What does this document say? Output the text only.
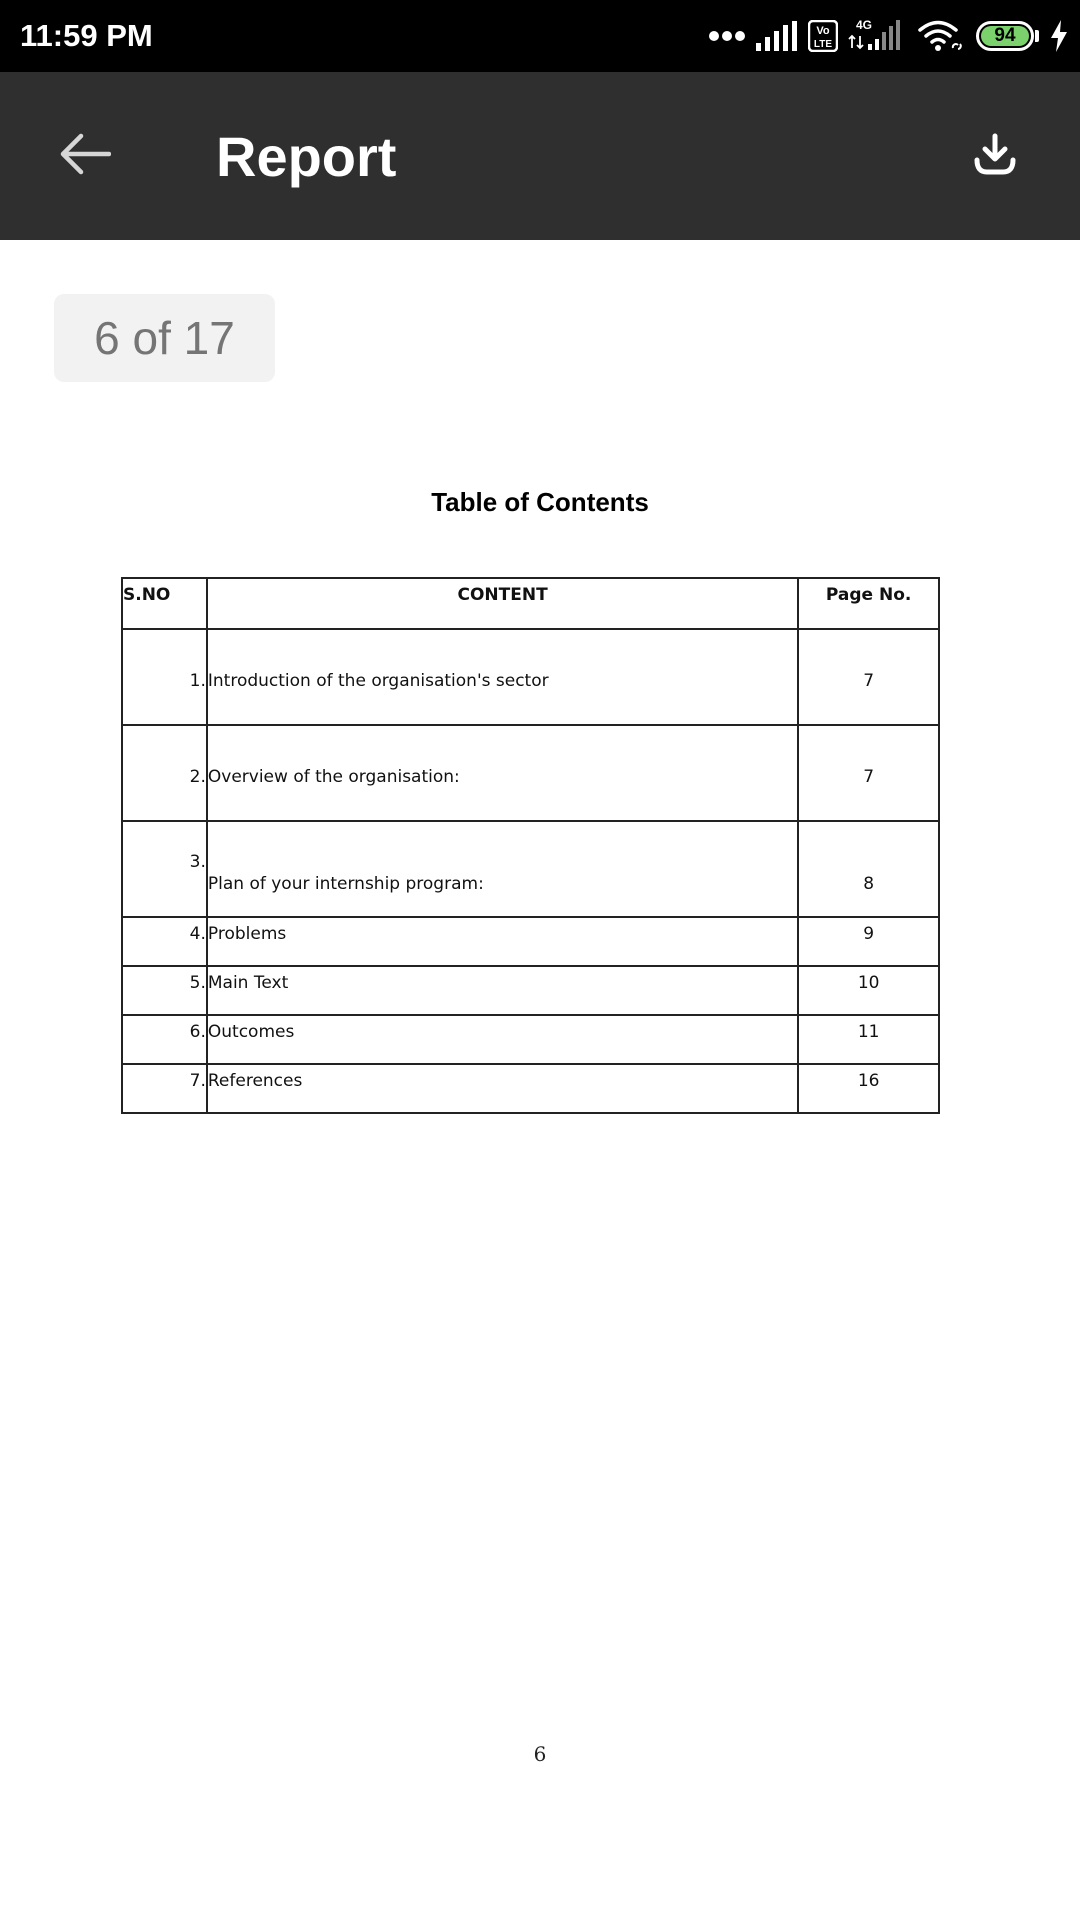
11:59 PM	Vo
LTE
4G	94
Report
6 of 17
Table of Contents
S.NO	CONTENT	Page No.
1.	Introduction of the organisation's sector	7
2.	Overview of the organisation:	7
3.	Plan of your internship program:	8
4.	Problems	9
5.	Main Text	10
6.	Outcomes	11
7.	References	16
6
